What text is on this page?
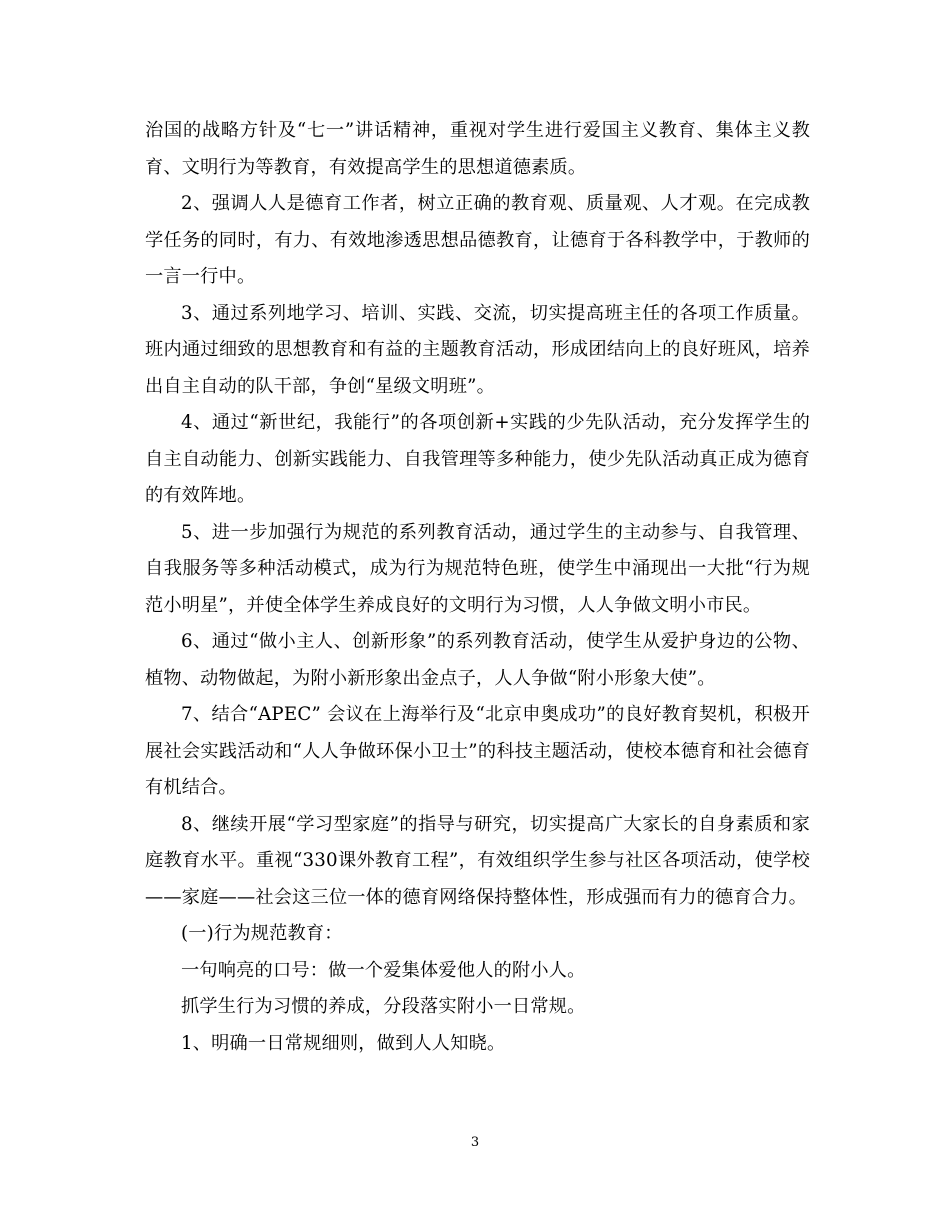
治国的战略方针及“七一”讲话精神，重视对学生进行爱国主义教育、集体主义教育、文明行为等教育，有效提高学生的思想道德素质。

2、强调人人是德育工作者，树立正确的教育观、质量观、人才观。在完成教学任务的同时，有力、有效地渗透思想品德教育，让德育于各科教学中，于教师的一言一行中。

3、通过系列地学习、培训、实践、交流，切实提高班主任的各项工作质量。班内通过细致的思想教育和有益的主题教育活动，形成团结向上的良好班风，培养出自主自动的队干部，争创“星级文明班”。

4、通过“新世纪，我能行”的各项创新+实践的少先队活动，充分发挥学生的自主自动能力、创新实践能力、自我管理等多种能力，使少先队活动真正成为德育的有效阵地。

5、进一步加强行为规范的系列教育活动，通过学生的主动参与、自我管理、自我服务等多种活动模式，成为行为规范特色班，使学生中涌现出一大批“行为规范小明星”，并使全体学生养成良好的文明行为习惯，人人争做文明小市民。

6、通过“做小主人、创新形象”的系列教育活动，使学生从爱护身边的公物、植物、动物做起，为附小新形象出金点子，人人争做“附小形象大使”。

7、结合“APEC” 会议在上海举行及“北京申奥成功”的良好教育契机，积极开展社会实践活动和“人人争做环保小卫士”的科技主题活动，使校本德育和社会德育有机结合。

8、继续开展“学习型家庭”的指导与研究，切实提高广大家长的自身素质和家庭教育水平。重视“330课外教育工程”，有效组织学生参与社区各项活动，使学校——家庭——社会这三位一体的德育网络保持整体性，形成强而有力的德育合力。

(一)行为规范教育：

一句响亮的口号：做一个爱集体爱他人的附小人。

抓学生行为习惯的养成，分段落实附小一日常规。

1、明确一日常规细则，做到人人知晓。

3
